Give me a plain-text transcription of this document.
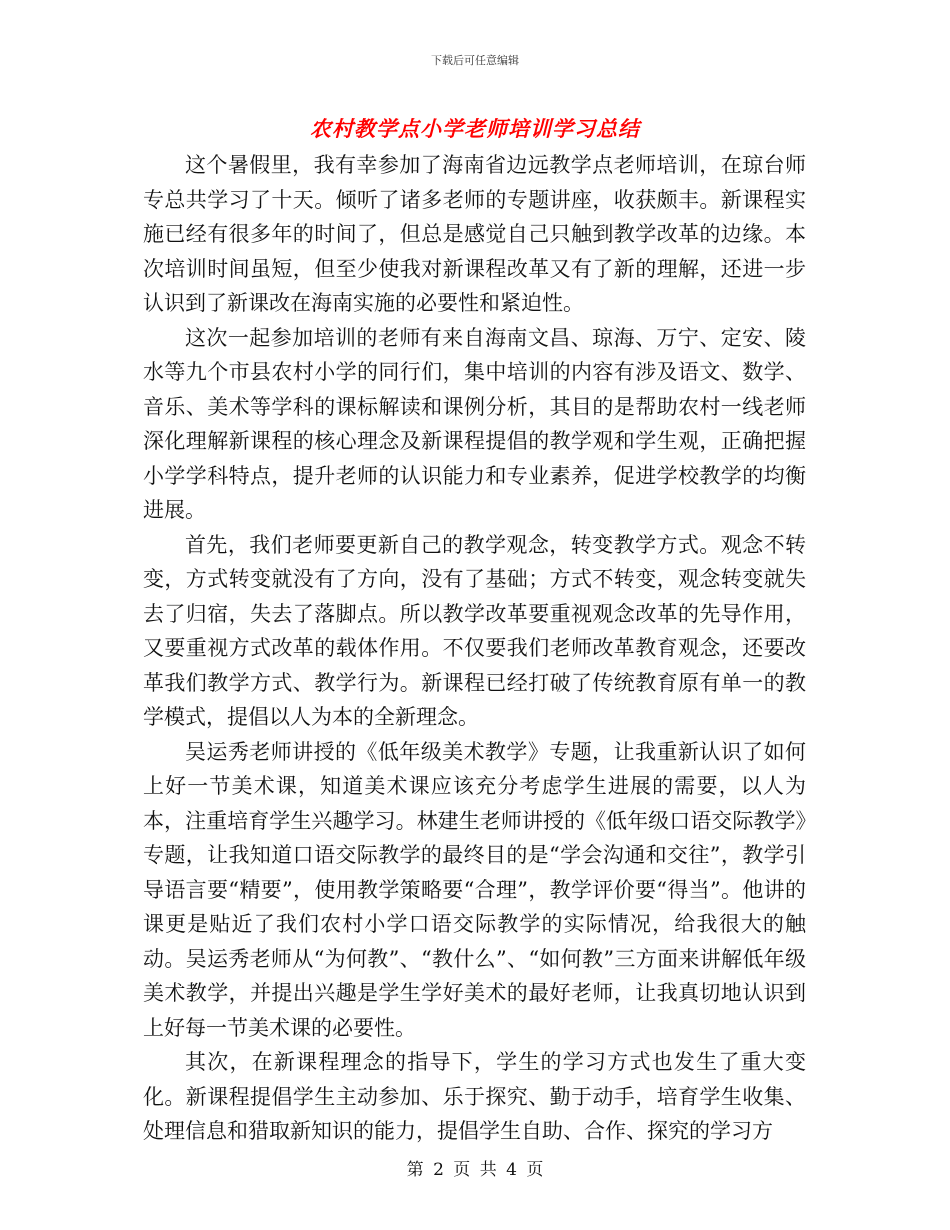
下载后可任意编辑
农村教学点小学老师培训学习总结

这个暑假里，我有幸参加了海南省边远教学点老师培训，在琼台师专总共学习了十天。倾听了诸多老师的专题讲座，收获颇丰。新课程实施已经有很多年的时间了，但总是感觉自己只触到教学改革的边缘。本次培训时间虽短，但至少使我对新课程改革又有了新的理解，还进一步认识到了新课改在海南实施的必要性和紧迫性。

这次一起参加培训的老师有来自海南文昌、琼海、万宁、定安、陵水等九个市县农村小学的同行们，集中培训的内容有涉及语文、数学、音乐、美术等学科的课标解读和课例分析，其目的是帮助农村一线老师深化理解新课程的核心理念及新课程提倡的教学观和学生观，正确把握小学学科特点，提升老师的认识能力和专业素养，促进学校教学的均衡进展。

首先，我们老师要更新自己的教学观念，转变教学方式。观念不转变，方式转变就没有了方向，没有了基础；方式不转变，观念转变就失去了归宿，失去了落脚点。所以教学改革要重视观念改革的先导作用，又要重视方式改革的载体作用。不仅要我们老师改革教育观念，还要改革我们教学方式、教学行为。新课程已经打破了传统教育原有单一的教学模式，提倡以人为本的全新理念。

吴运秀老师讲授的《低年级美术教学》专题，让我重新认识了如何上好一节美术课，知道美术课应该充分考虑学生进展的需要，以人为本，注重培育学生兴趣学习。林建生老师讲授的《低年级口语交际教学》专题，让我知道口语交际教学的最终目的是“学会沟通和交往”，教学引导语言要“精要”，使用教学策略要“合理”，教学评价要“得当”。他讲的课更是贴近了我们农村小学口语交际教学的实际情况，给我很大的触动。吴运秀老师从“为何教”、“教什么”、“如何教”三方面来讲解低年级美术教学，并提出兴趣是学生学好美术的最好老师，让我真切地认识到上好每一节美术课的必要性。

其次，在新课程理念的指导下，学生的学习方式也发生了重大变化。新课程提倡学生主动参加、乐于探究、勤于动手，培育学生收集、处理信息和猎取新知识的能力，提倡学生自助、合作、探究的学习方

第 2 页 共 4 页
